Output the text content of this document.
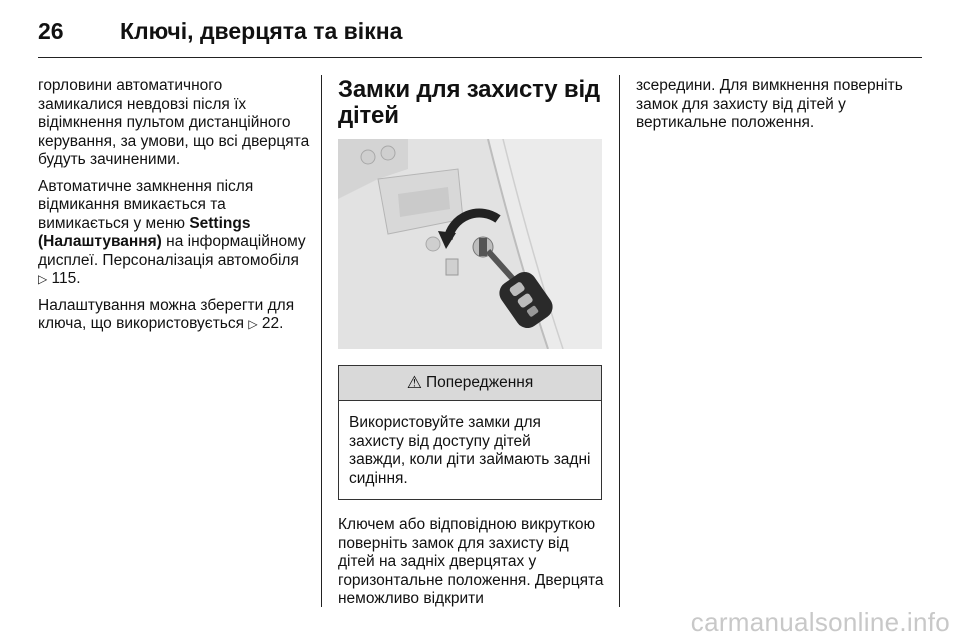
26 Ключі, дверцята та вікна

горловини автоматичного замикалися невдовзі після їх відімкнення пультом дистанційного керування, за умови, що всі дверцята будуть зачиненими.

Автоматичне замкнення після відмикання вмикається та вимикається у меню Settings (Налаштування) на інформаційному дисплеї. Персоналізація автомобіля ▷ 115.

Налаштування можна зберегти для ключа, що використовується ▷ 22.

Замки для захисту від дітей
⚠ Попередження
Використовуйте замки для захисту від доступу дітей завжди, коли діти займають задні сидіння.

Ключем або відповідною викруткою поверніть замок для захисту від дітей на задніх дверцятах у горизонтальне положення. Дверцята неможливо відкрити

зсередини. Для вимкнення поверніть замок для захисту від дітей у вертикальне положення.

carmanualsonline.info
